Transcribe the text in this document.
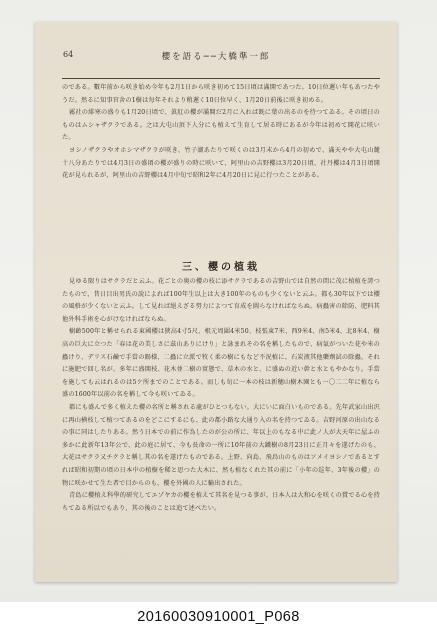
64	櫻を語る──大橋準一郎

のである。數年前から咲き始め今年も2月1日から咲き初めて15日頃は滿開であつた。10日位遲い年もあつたやうだ。然るに知事官舍の1樹は每年それより稍遲く10日位早く、1月20日前後に咲き初める。

霧社の緋寒の盛りも1月20日頃で、眞紅の櫻が滿開だ2月に入れば既に葉の出るのを待つてゐる。その頃日のものはムシャザクラである。之は大屯山頂下人分にも植えて生育して居る時にあるが今年は初めて開花に咲いた。

ヨシノザクラやオホシマザクラが咲き、竹子湖あたりで咲くのは3月末から4月の初めで、滿天やや大屯山麓十八分あたりでは4月3日の盛頃の櫻が盛りの時に咲いて、阿里山の吉野櫻は3月20日頃、社丹櫻は4月3日頃開花が見られるが、阿里山の吉野櫻は4月中旬で昭和2年に4月20日に見に行つたことがある。

三、櫻の植栽

見ゆる限りはサクラだと云ふ。花ごとの奥の櫻の枝に添サクラであるの吉野山では自然の間に茂に植植を誇つたもので、昔日目出男氏の說によれば100年生以上は大き100年のものも少くないと云ふ。都も30年以下では櫻の風格が少くないと云ふ。して見れば絕えざる努力によつて育成を圖らなければならぬ。病蟲害の除防、肥料其他外科手術を心がけなければならぬ。

樹齡500年と稱せられる東國櫻は狹高4寸5尺、根元周圍4米50、枝張東7米、西9米4、南5米4、北8米4、樹高の巨大に立つた「春は花の美しさに茲山ありにけり」と詠まれその名を稱したもので、病氣がついた花や米の蟲けり、デリス石鹼で手當の賜様、二蟲に立派で牧く柔の樹にもなど不況植に、石炭液其他藥劑試の除蟲、それに施肥で回し名が、多年に盛開枝、花木並二樹の實態で、草木の水と、に盛ぬの近い幹と水ともやかなり。手當を施しても云はれるのは5ケ所までのことである。而しも旬に一本の枝は新穗山樹木園とも一〇二二年に植なら盛の1600年以前の名を稱して今も咲いてゐる。

都にも盛んで多く植えた櫻の名所と稱される處がひとつもない。大にいに面白いものである。先年武家山出沢に再山横枝して植つてあるのをどこにするにも、此の都小路な大通り入の名を持つてゐる。吉野河原の出山なるの事に同はしたりある。然う日本での前に作為したのが公の所に、年以上のもなる中に此ノ人が大天年に屋ふの多かに此新年13年公で、此の庭に居て、今も長命の一所に10年前の大鐵樹の8月23日に正月々を遂げたのも、大花はサクラ又チクラと稱し其の名を遂げたものである。上野、向島、飛鳥山のものはソメイヨシノであるとすれば昭和初期の頃の日本中の植樹を稀と思つた大木に、然も植なくれた其の前に「小年の巡年、3年後の櫻」の物に咲かせて生た者で目からのも、櫻を外國の人に輸出された。

青島に櫻植え科學的研究してエゾヤカの櫻を植えて其名を見つる事が、日本人は大和心を咲くの賞でる心を持ちてゐる所以でもあり、其の後のことは追て述べたい。

20160030910001_P068
